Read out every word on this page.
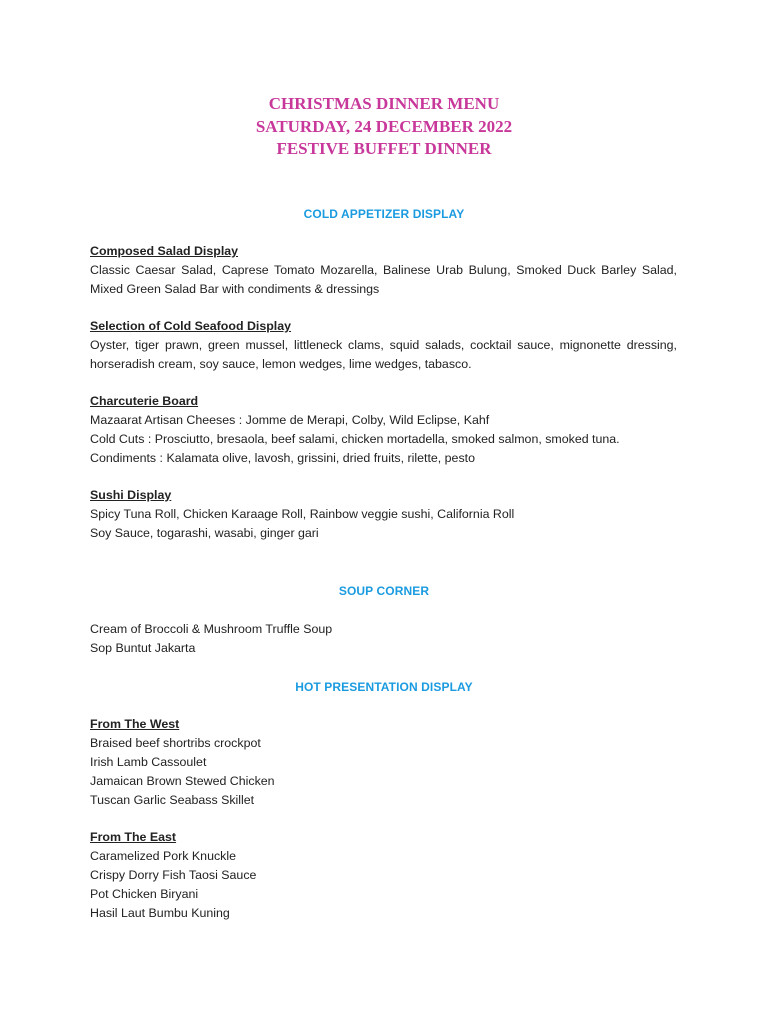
CHRISTMAS DINNER MENU
SATURDAY, 24 DECEMBER 2022
FESTIVE BUFFET DINNER
COLD APPETIZER DISPLAY
Composed Salad Display
Classic Caesar Salad, Caprese Tomato Mozarella, Balinese Urab Bulung, Smoked Duck Barley Salad, Mixed Green Salad Bar with condiments & dressings
Selection of Cold Seafood Display
Oyster, tiger prawn, green mussel, littleneck clams, squid salads, cocktail sauce, mignonette dressing, horseradish cream, soy sauce, lemon wedges, lime wedges, tabasco.
Charcuterie Board
Mazaarat Artisan Cheeses : Jomme de Merapi, Colby, Wild Eclipse, Kahf
Cold Cuts : Prosciutto, bresaola, beef salami, chicken mortadella, smoked salmon, smoked tuna.
Condiments : Kalamata olive, lavosh, grissini, dried fruits, rilette, pesto
Sushi Display
Spicy Tuna Roll, Chicken Karaage Roll, Rainbow veggie sushi, California Roll
Soy Sauce, togarashi, wasabi, ginger gari
SOUP CORNER
Cream of Broccoli & Mushroom Truffle Soup
Sop Buntut Jakarta
HOT PRESENTATION DISPLAY
From The West
Braised beef shortribs crockpot
Irish Lamb Cassoulet
Jamaican Brown Stewed Chicken
Tuscan Garlic Seabass Skillet
From The East
Caramelized Pork Knuckle
Crispy Dorry Fish Taosi Sauce
Pot Chicken Biryani
Hasil Laut Bumbu Kuning
